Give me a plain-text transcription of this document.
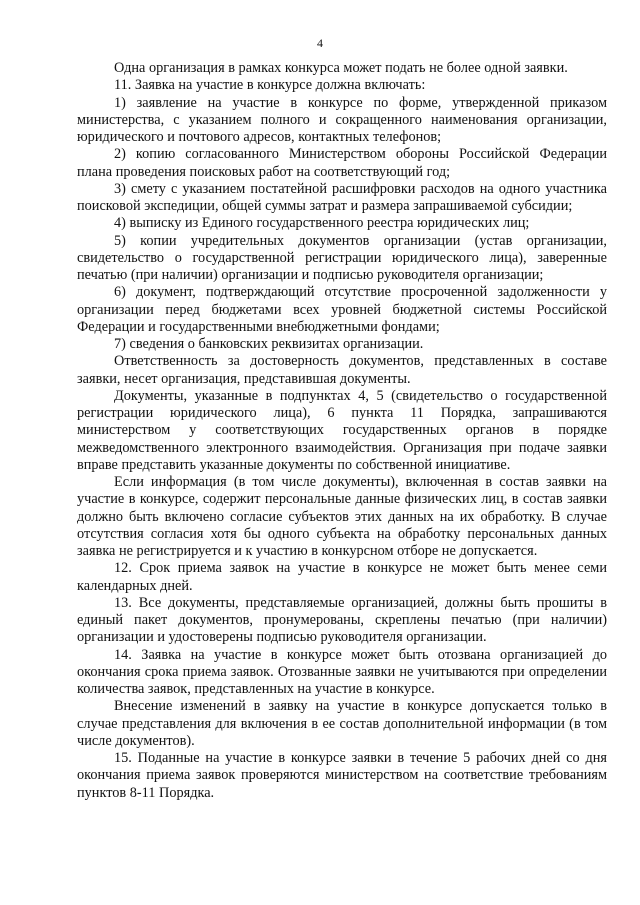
4

Одна организация в рамках конкурса может подать не более одной заявки.

11. Заявка на участие в конкурсе должна включать:

1) заявление на участие в конкурсе по форме, утвержденной приказом министерства, с указанием полного и сокращенного наименования организации, юридического и почтового адресов, контактных телефонов;

2) копию согласованного Министерством обороны Российской Федерации плана проведения поисковых работ на соответствующий год;

3) смету с указанием постатейной расшифровки расходов на одного участника поисковой экспедиции, общей суммы затрат и размера запрашиваемой субсидии;

4) выписку из Единого государственного реестра юридических лиц;

5) копии учредительных документов организации (устав организации, свидетельство о государственной регистрации юридического лица), заверенные печатью (при наличии) организации и подписью руководителя организации;

6) документ, подтверждающий отсутствие просроченной задолженности у организации перед бюджетами всех уровней бюджетной системы Российской Федерации и государственными внебюджетными фондами;

7) сведения о банковских реквизитах организации.

Ответственность за достоверность документов, представленных в составе заявки, несет организация, представившая документы.

Документы, указанные в подпунктах 4, 5 (свидетельство о государственной регистрации юридического лица), 6 пункта 11 Порядка, запрашиваются министерством у соответствующих государственных органов в порядке межведомственного электронного взаимодействия. Организация при подаче заявки вправе представить указанные документы по собственной инициативе.

Если информация (в том числе документы), включенная в состав заявки на участие в конкурсе, содержит персональные данные физических лиц, в состав заявки должно быть включено согласие субъектов этих данных на их обработку. В случае отсутствия согласия хотя бы одного субъекта на обработку персональных данных заявка не регистрируется и к участию в конкурсном отборе не допускается.

12. Срок приема заявок на участие в конкурсе не может быть менее семи календарных дней.

13. Все документы, представляемые организацией, должны быть прошиты в единый пакет документов, пронумерованы, скреплены печатью (при наличии) организации и удостоверены подписью руководителя организации.

14. Заявка на участие в конкурсе может быть отозвана организацией до окончания срока приема заявок. Отозванные заявки не учитываются при определении количества заявок, представленных на участие в конкурсе.

Внесение изменений в заявку на участие в конкурсе допускается только в случае представления для включения в ее состав дополнительной информации (в том числе документов).

15. Поданные на участие в конкурсе заявки в течение 5 рабочих дней со дня окончания приема заявок проверяются министерством на соответствие требованиям пунктов 8-11 Порядка.
